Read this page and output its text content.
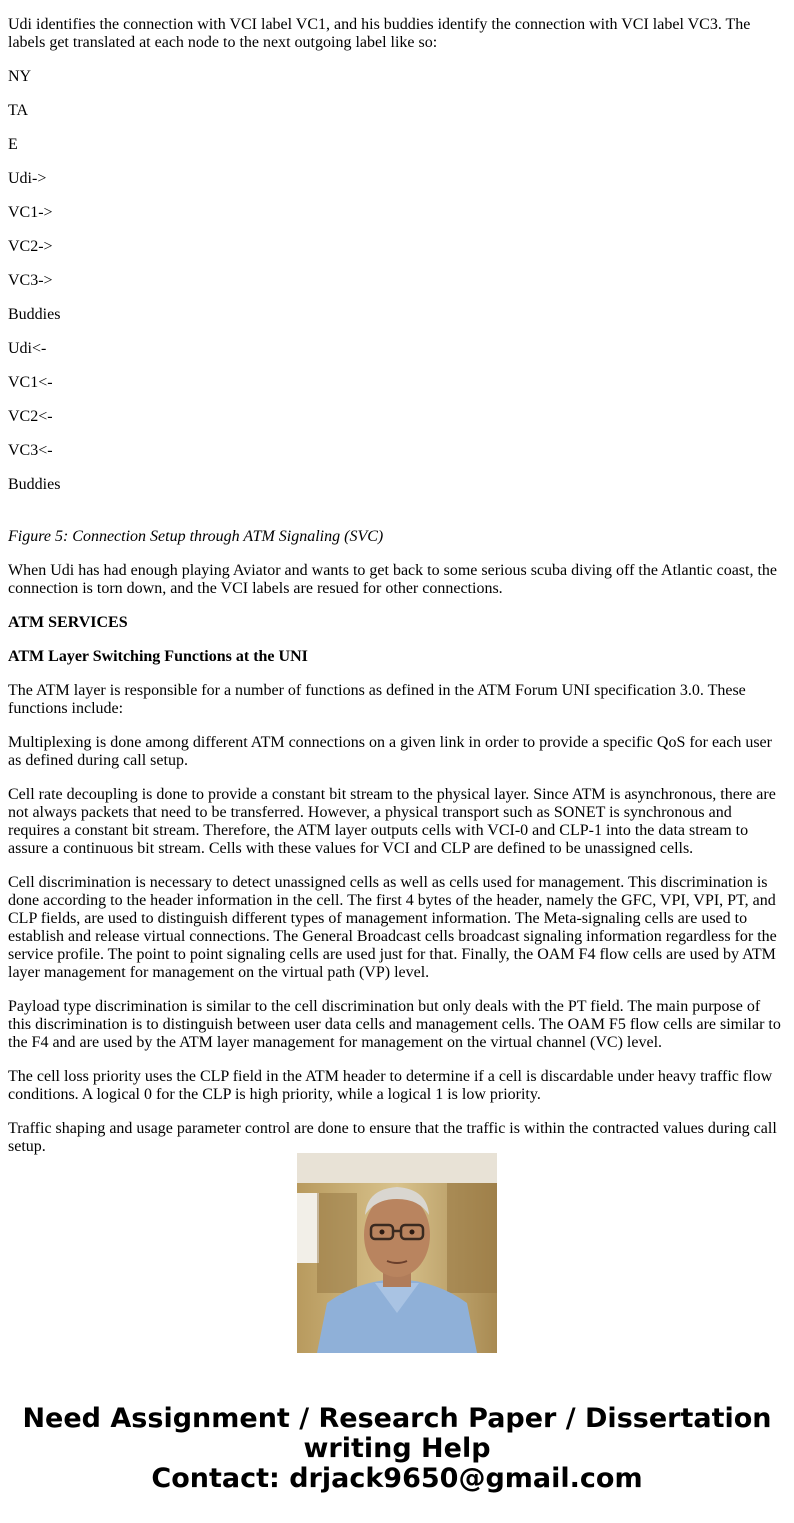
Udi identifies the connection with VCI label VC1, and his buddies identify the connection with VCI label VC3. The labels get translated at each node to the next outgoing label like so:

NY

TA

E

Udi->

VC1->

VC2->

VC3->

Buddies

Udi<-

VC1<-

VC2<-

VC3<-

Buddies

Figure 5: Connection Setup through ATM Signaling (SVC)

When Udi has had enough playing Aviator and wants to get back to some serious scuba diving off the Atlantic coast, the connection is torn down, and the VCI labels are resued for other connections.

ATM SERVICES

ATM Layer Switching Functions at the UNI

The ATM layer is responsible for a number of functions as defined in the ATM Forum UNI specification 3.0. These functions include:

Multiplexing is done among different ATM connections on a given link in order to provide a specific QoS for each user as defined during call setup.

Cell rate decoupling is done to provide a constant bit stream to the physical layer. Since ATM is asynchronous, there are not always packets that need to be transferred. However, a physical transport such as SONET is synchronous and requires a constant bit stream. Therefore, the ATM layer outputs cells with VCI-0 and CLP-1 into the data stream to assure a continuous bit stream. Cells with these values for VCI and CLP are defined to be unassigned cells.

Cell discrimination is necessary to detect unassigned cells as well as cells used for management. This discrimination is done according to the header information in the cell. The first 4 bytes of the header, namely the GFC, VPI, VPI, PT, and CLP fields, are used to distinguish different types of management information. The Meta-signaling cells are used to establish and release virtual connections. The General Broadcast cells broadcast signaling information regardless for the service profile. The point to point signaling cells are used just for that. Finally, the OAM F4 flow cells are used by ATM layer management for management on the virtual path (VP) level.

Payload type discrimination is similar to the cell discrimination but only deals with the PT field. The main purpose of this discrimination is to distinguish between user data cells and management cells. The OAM F5 flow cells are similar to the F4 and are used by the ATM layer management for management on the virtual channel (VC) level.

The cell loss priority uses the CLP field in the ATM header to determine if a cell is discardable under heavy traffic flow conditions. A logical 0 for the CLP is high priority, while a logical 1 is low priority.

Traffic shaping and usage parameter control are done to ensure that the traffic is within the contracted values during call setup.

Need Assignment / Research Paper / Dissertation
writing Help
Contact: drjack9650@gmail.com
